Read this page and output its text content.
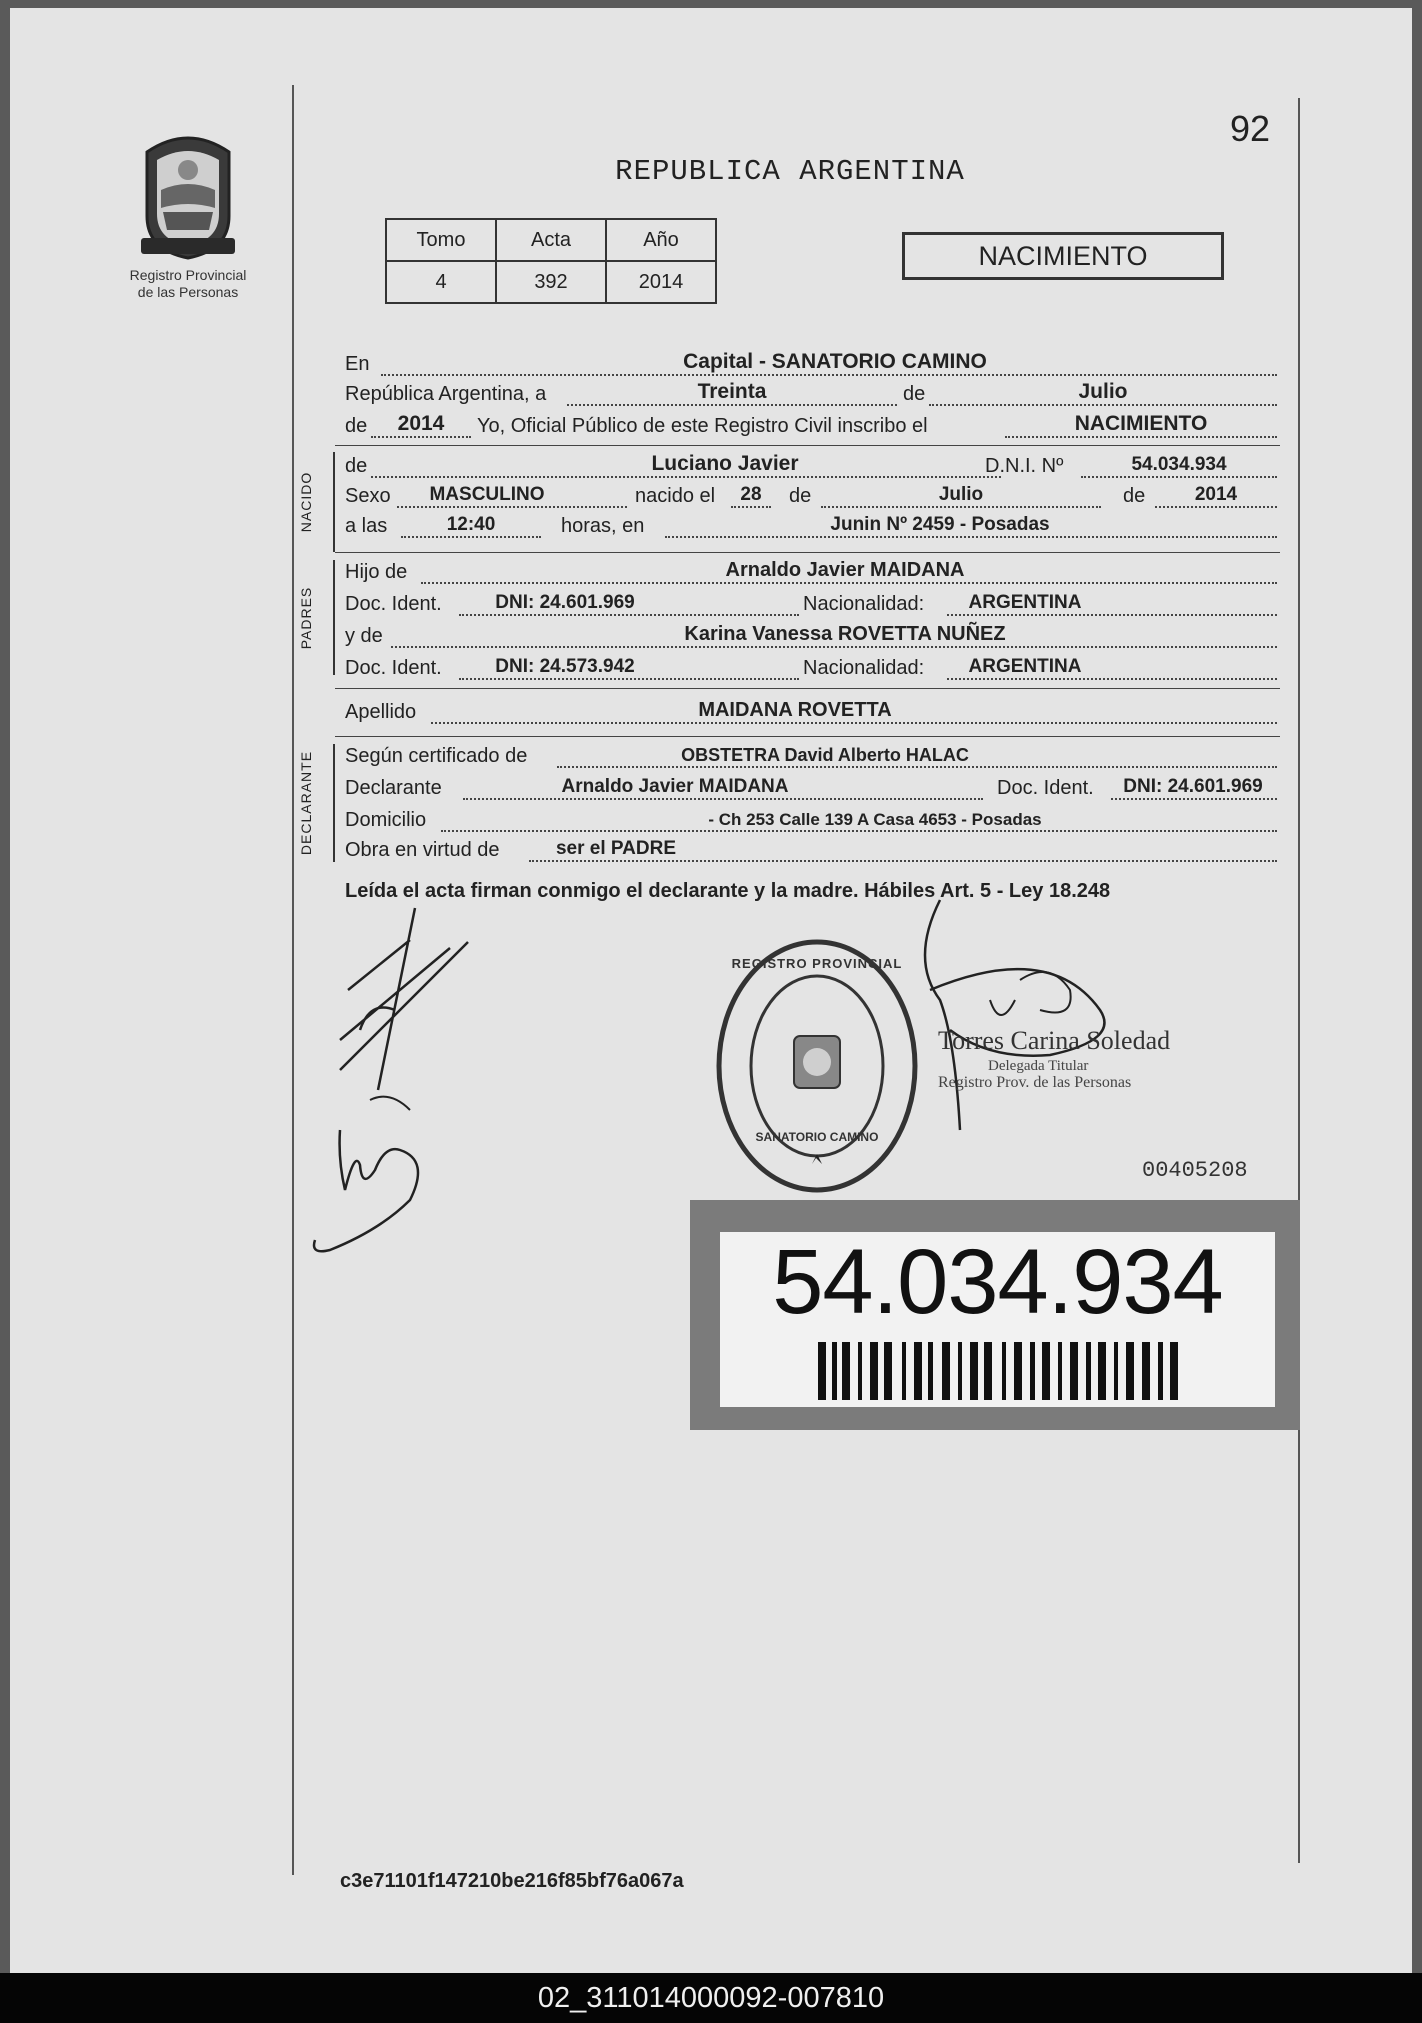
Registro Provincial
de las Personas
92
REPUBLICA ARGENTINA
Tomo	Acta	Año
4	392	2014
NACIMIENTO
En	Capital - SANATORIO CAMINO
República Argentina, a	Treinta	de	Julio
de	2014	Yo, Oficial Público de este Registro Civil inscribo el	NACIMIENTO
NACIDO
de	Luciano Javier	D.N.I. Nº	54.034.934
Sexo	MASCULINO	nacido el	28	de	Julio	de	2014
a las	12:40	horas, en	Junin Nº 2459 - Posadas
PADRES
Hijo de	Arnaldo Javier MAIDANA
Doc. Ident.	DNI: 24.601.969	Nacionalidad:	ARGENTINA
y de	Karina Vanessa ROVETTA NUÑEZ
Doc. Ident.	DNI: 24.573.942	Nacionalidad:	ARGENTINA
Apellido	MAIDANA ROVETTA
DECLARANTE Según certificado de	OBSTETRA David Alberto HALAC
Declarante	Arnaldo Javier MAIDANA	Doc. Ident.	DNI: 24.601.969
Domicilio	- Ch 253 Calle 139 A Casa 4653 - Posadas
Obra en virtud de	ser el PADRE
Leída el acta firman conmigo el declarante y la madre. Hábiles Art. 5 - Ley 18.248
REGISTRO PROVINCIAL
SANATORIO CAMINO
Torres Carina Soledad
Delegada Titular
Registro Prov. de las Personas
00405208
54.034.934
c3e71101f147210be216f85bf76a067a
02_311014000092-007810
